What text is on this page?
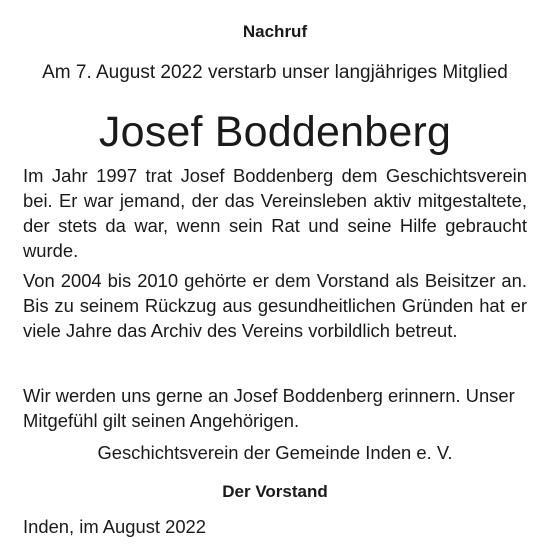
Nachruf
Am 7. August 2022 verstarb unser langjähriges Mitglied
Josef Boddenberg
Im Jahr 1997 trat Josef Boddenberg dem Geschichtsverein bei. Er war jemand, der das Vereinsleben aktiv mitgestaltete, der stets da war, wenn sein Rat und seine Hilfe gebraucht wurde.
Von 2004 bis 2010 gehörte er dem Vorstand als Beisitzer an. Bis zu seinem Rückzug aus gesundheitlichen Gründen hat er viele Jahre das Archiv des Vereins vorbildlich betreut.
Wir werden uns gerne an Josef Boddenberg erinnern. Unser Mitgefühl gilt seinen Angehörigen.
Geschichtsverein der Gemeinde Inden e. V.
Der Vorstand
Inden, im August 2022
